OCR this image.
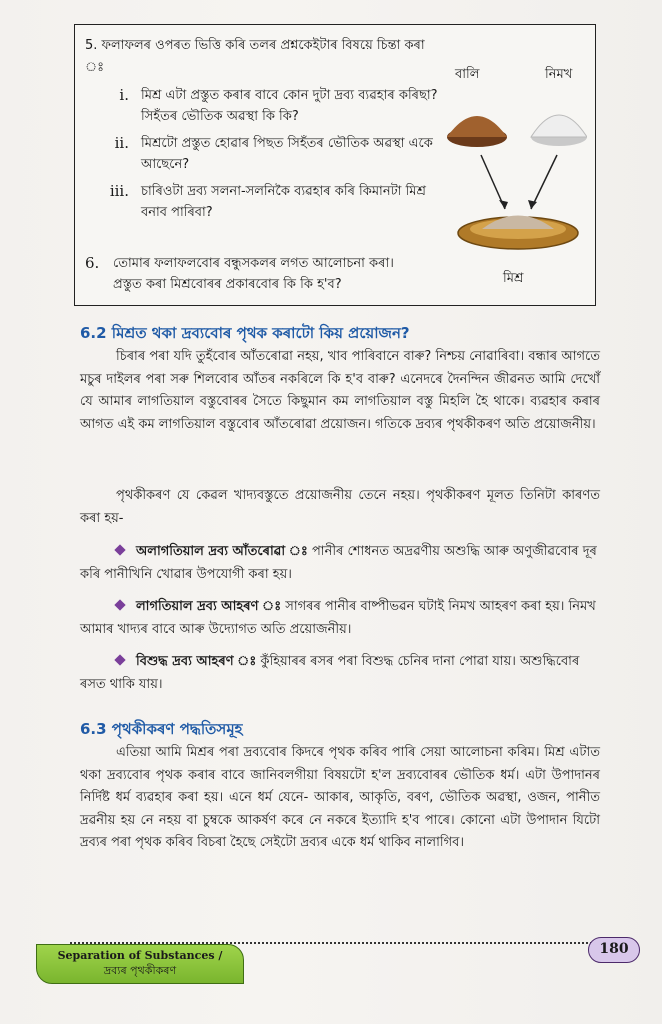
5. ফলাফলৰ ওপৰত ভিত্তি কৰি তলৰ প্ৰশ্নকেইটাৰ বিষয়ে চিন্তা কৰা ঃ
i. মিশ্ৰ এটা প্ৰস্তুত কৰাৰ বাবে কোন দুটা দ্ৰব্য ব্যৱহাৰ কৰিছা? সিহঁতৰ ভৌতিক অৱস্থা কি কি?
ii. মিশ্ৰটো প্ৰস্তুত হোৱাৰ পিছত সিহঁতৰ ভৌতিক অৱস্থা একে আছেনে?
iii. চাৰিওটা দ্ৰব্য সলনা-সলনিকৈ ব্যৱহাৰ কৰি কিমানটা মিশ্ৰ বনাব পাৰিবা?
6.	তোমাৰ ফলাফলবোৰ বন্ধুসকলৰ লগত আলোচনা কৰা। প্ৰস্তুত কৰা মিশ্ৰবোৰৰ প্ৰকাৰবোৰ কি কি হ'ব?
বালি	নিমখ
মিশ্ৰ
6.2 মিশ্ৰত থকা দ্ৰব্যবোৰ পৃথক কৰাটো কিয় প্ৰয়োজন?
চিৰাৰ পৰা যদি তুহঁবোৰ আঁতৰোৱা নহয়, খাব পাৰিবানে বাৰু? নিশ্চয় নোৱাৰিবা। বন্ধাৰ আগতে মচুৰ দাইলৰ পৰা সৰু শিলবোৰ আঁতৰ নকৰিলে কি হ'ব বাৰু? এনেদৰে দৈনন্দিন জীৱনত আমি দেখোঁ যে আমাৰ লাগতিয়াল বস্তুবোৰৰ সৈতে কিছুমান কম লাগতিয়াল বস্তু মিহলি হৈ থাকে। ব্যৱহাৰ কৰাৰ আগত এই কম লাগতিয়াল বস্তুবোৰ আঁতৰোৱা প্ৰয়োজন। গতিকে দ্ৰব্যৰ পৃথকীকৰণ অতি প্ৰয়োজনীয়।
পৃথকীকৰণ যে কেৱল খাদ্যবস্তুতে প্ৰয়োজনীয় তেনে নহয়। পৃথকীকৰণ মূলত তিনিটা কাৰণত কৰা হয়-
অলাগতিয়াল দ্ৰব্য আঁতৰোৱা ঃ পানীৰ শোধনত অদ্ৰৱণীয় অশুদ্ধি আৰু অণুজীৱবোৰ দূৰ কৰি পানীখিনি খোৱাৰ উপযোগী কৰা হয়।
লাগতিয়াল দ্ৰব্য আহৰণ ঃ সাগৰৰ পানীৰ বাষ্পীভৱন ঘটাই নিমখ আহৰণ কৰা হয়। নিমখ আমাৰ খাদ্যৰ বাবে আৰু উদ্যোগত অতি প্ৰয়োজনীয়।
বিশুদ্ধ দ্ৰব্য আহৰণ ঃ কুঁহিয়াৰৰ ৰসৰ পৰা বিশুদ্ধ চেনিৰ দানা পোৱা যায়। অশুদ্ধিবোৰ ৰসত থাকি যায়।
6.3 পৃথকীকৰণ পদ্ধতিসমূহ
এতিয়া আমি মিশ্ৰৰ পৰা দ্ৰব্যবোৰ কিদৰে পৃথক কৰিব পাৰি সেয়া আলোচনা কৰিম। মিশ্ৰ এটাত থকা দ্ৰব্যবোৰ পৃথক কৰাৰ বাবে জানিবলগীয়া বিষয়টো হ'ল দ্ৰব্যবোৰৰ ভৌতিক ধৰ্ম। এটা উপাদানৰ নিৰ্দিষ্ট ধৰ্ম ব্যৱহাৰ কৰা হয়। এনে ধৰ্ম যেনে- আকাৰ, আকৃতি, বৰণ, ভৌতিক অৱস্থা, ওজন, পানীত দ্ৰৱনীয় হয় নে নহয় বা চুম্বকে আকৰ্ষণ কৰে নে নকৰে ইত্যাদি হ'ব পাৰে। কোনো এটা উপাদান যিটো দ্ৰব্যৰ পৰা পৃথক কৰিব বিচৰা হৈছে সেইটো দ্ৰব্যৰ একে ধৰ্ম থাকিব নালাগিব।
Separation of Substances /
দ্ৰব্যৰ পৃথকীকৰণ
180
